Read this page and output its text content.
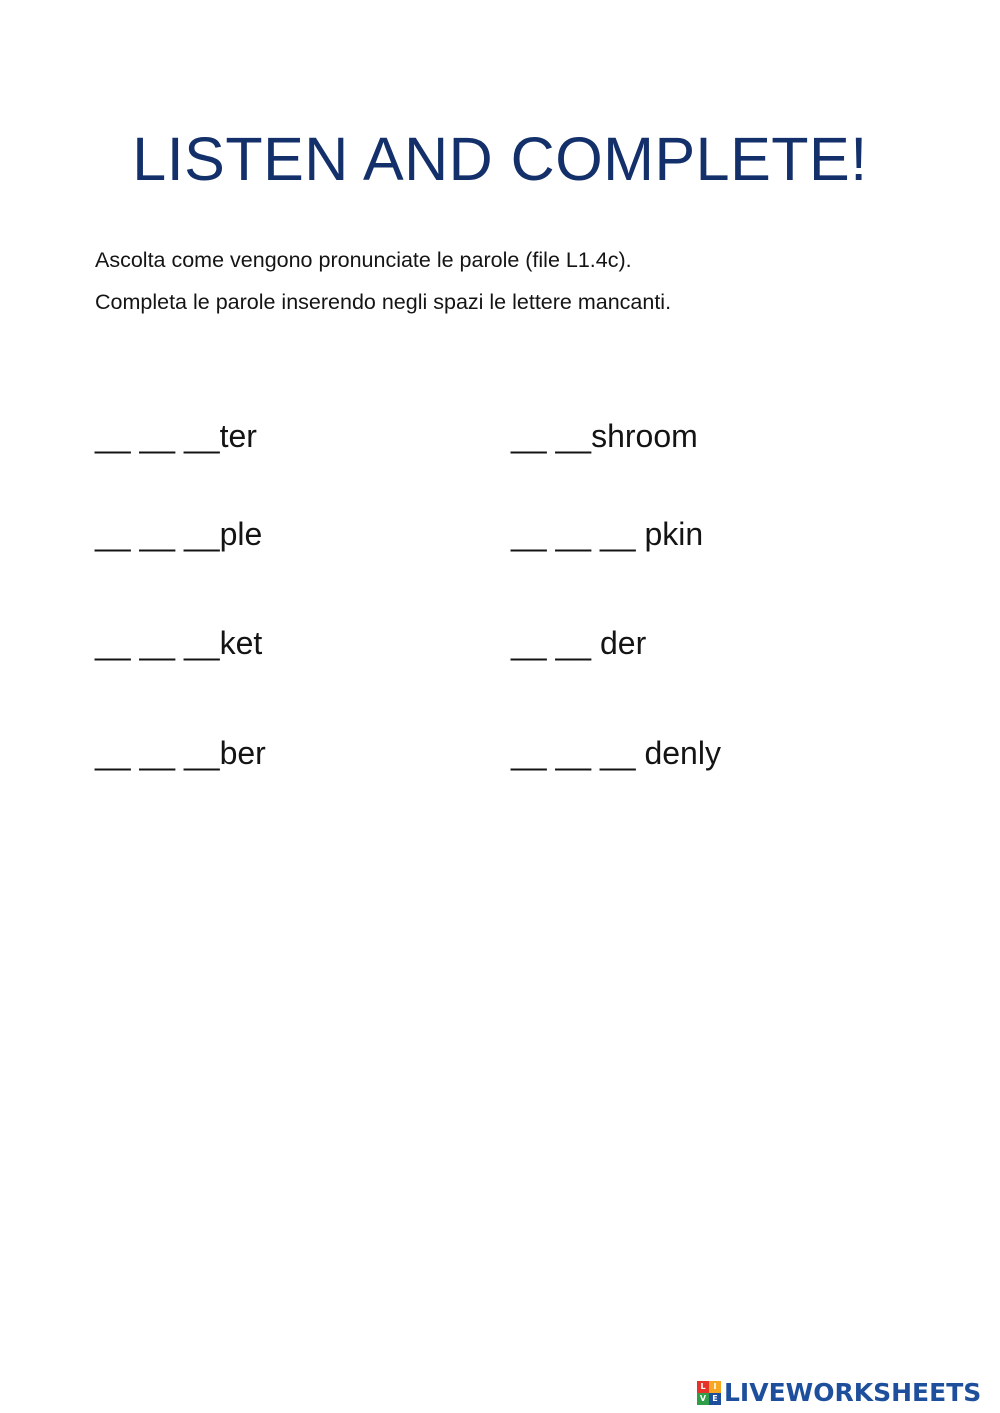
LISTEN AND COMPLETE!

Ascolta come vengono pronunciate le parole (file L1.4c).

Completa le parole inserendo negli spazi le lettere mancanti.

__ __ __ter

__ __ __ple

__ __ __ket

__ __ __ber

__ __shroom

__ __ __ pkin

__ __ der

__ __ __ denly

L I
V E LIVEWORKSHEETS
